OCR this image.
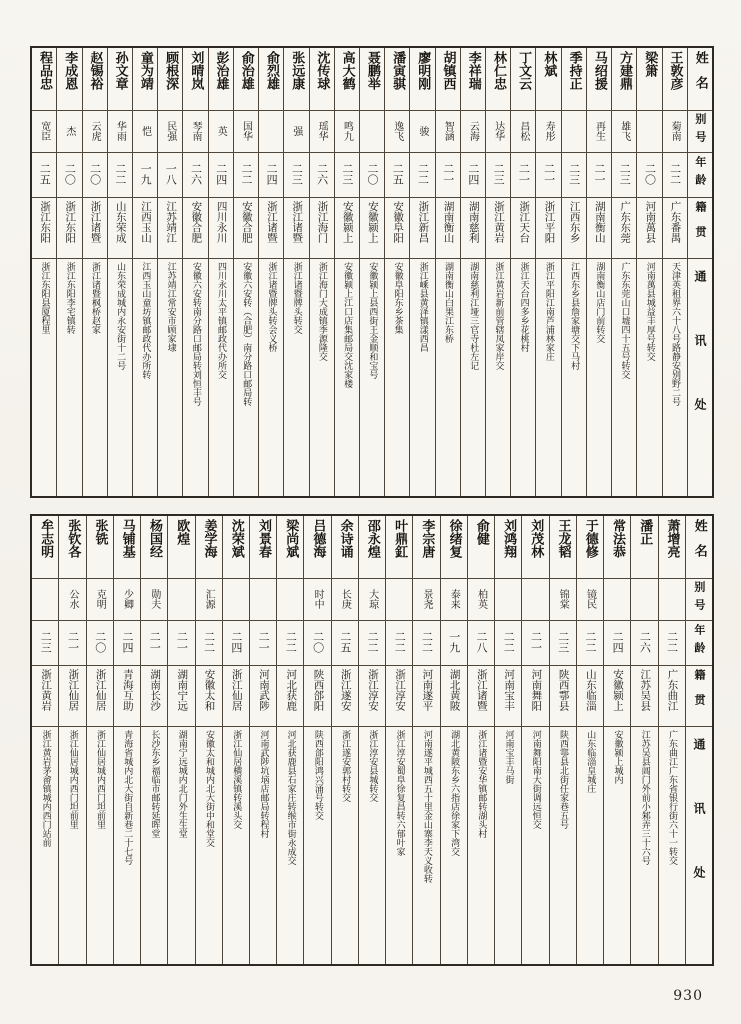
姓名
别号
年龄
籍贯
通讯处
王敦彦
菊南
二二
广东番禺
天津英租界六十八号路静安别野二号
梁箫
二〇
河南萬县
河南萬县城益丰厚号转交
方建鼎
雄飞
二三
广东东莞
广东东莞山口墟四十五号转交
马绍援
再生
二一
湖南衡山
湖南衡山店门前转交
季持正
二三
江西东乡
江西东乡县詹家塘交下马村
林斌
寿彤
二一
浙江平阳
浙江平阳江南芦浦林家庄
丁文云
昌松
二一
浙江天台
浙江天台四多乡花桃村
林仁忠
达华
二三
浙江黄岩
浙江黄岩新前管辖凤家岸交
李祥瑞
云海
二四
湖南慈利
湖南慈利江垭三官寺杜左记
胡镇西
智涵
二一
湖南衡山
湖南衡山白果江东桥
廖明刚
骏
二二
浙江新昌
浙江嵊县黄泽镇漾西昌
潘寅骐
逸飞
二五
安徽阜阳
安徽阜阳东乡茶集
聂鹏举
二〇
安徽颍上
安徽颍上县西街王金顺和宝号
高大鹤
鸣九
二三
安徽颍上
安徽颍上江口店集邮局交沈家楼
沈传球
瑶华
二六
浙江海门
浙江海门大成镇季源隆交
张远康
强
二三
浙江诸暨
浙江诸暨牌头转交
俞烈雄
二四
浙江诸暨
浙江诸暨牌头转会义桥
俞治雄
国华
二二
安徽合肥
安徽六安转（合肥）南分路口邮局转
彭治雄
英
二四
四川永川
四川永川太平镇邮政代办所交
刘晴岚
琴南
二六
安徽合肥
安徽六安转南分路口邮局转刘恒丰号
顾根深
民强
一八
江苏靖江
江苏靖江常安市顾家埭
童为靖
恺
一九
江西玉山
江西玉山童坊镇邮政代办所转
孙文章
华雨
二二
山东荣成
山东荣成城内永安街十二号
赵锡裕
云虎
二〇
浙江诸暨
浙江诸暨枫桥赵家
李成恩
杰
二〇
浙江东阳
浙江东阳李宅镇转
程品忠
宽臣
二五
浙江东阳
浙江东阳县厦程里
姓名
别号
年龄
籍贯
通讯处
萧增亮
二二
广东曲江
广东曲江广东省银行街六十一转交
潘正
二六
江苏吴县
江苏吴县阊门外前小邾弄三十六号
常法恭
二四
安徽颍上
安徽颍上城内
于德修
镜民
二二
山东临淄
山东临淄皇城庄
王龙韬
锦棠
二三
陕西鄠县
陕西鄠县北街任家巷五号
刘茂林
二一
河南舞阳
河南舞阳南大街调远恒交
刘鸿翔
二二
河南宝丰
河南宝丰马街
俞健
柏英
二八
浙江诸暨
浙江诸暨安华镇邮转湖头村
徐绪复
泰来
一九
湖北黄陂
湖北黄陂东乡六指店徐家下湾交
李宗唐
景尧
二二
河南遂平
河南遂平城西五十里金山寨李天义收转
叶鼎釭
二二
浙江淳安
浙江淳安蜀阜徐复昌转六郁叶家
邵永煌
大琼
二二
浙江淳安
浙江淳安县城转交
余诗诵
长庚
二五
浙江遂安
浙江遂安郭村转交
吕德海
时中
二〇
陕西郃阳
陕西郃阳鸿兴涌号转交
梁尚斌
二二
河北获鹿
河北获鹿县石家庄转缑市街永成交
刘景春
二一
河南武陟
河南武陟坑垴店邮局转程村
沈荣斌
二四
浙江仙居
浙江仙居横溪镇转溪头交
姜学海
汇源
二二
安徽太和
安徽太和城内北大街中和堂交
欧煌
二一
湖南宁远
湖南宁远城内北门外生生堂
杨国经
勋夫
二一
湖南长沙
长沙东乡福临市邮转延晖堂
马铺基
少卿
二四
青海互助
青海省城内北大街自新巷二十七号
张铣
克明
二〇
浙江仙居
浙江仙居城内西门坦前里
张钦各
公水
二一
浙江仙居
浙江仙居城内西门坦前里
牟志明
二三
浙江黄岩
浙江黄岩茅畲镇城内西门站前
930
